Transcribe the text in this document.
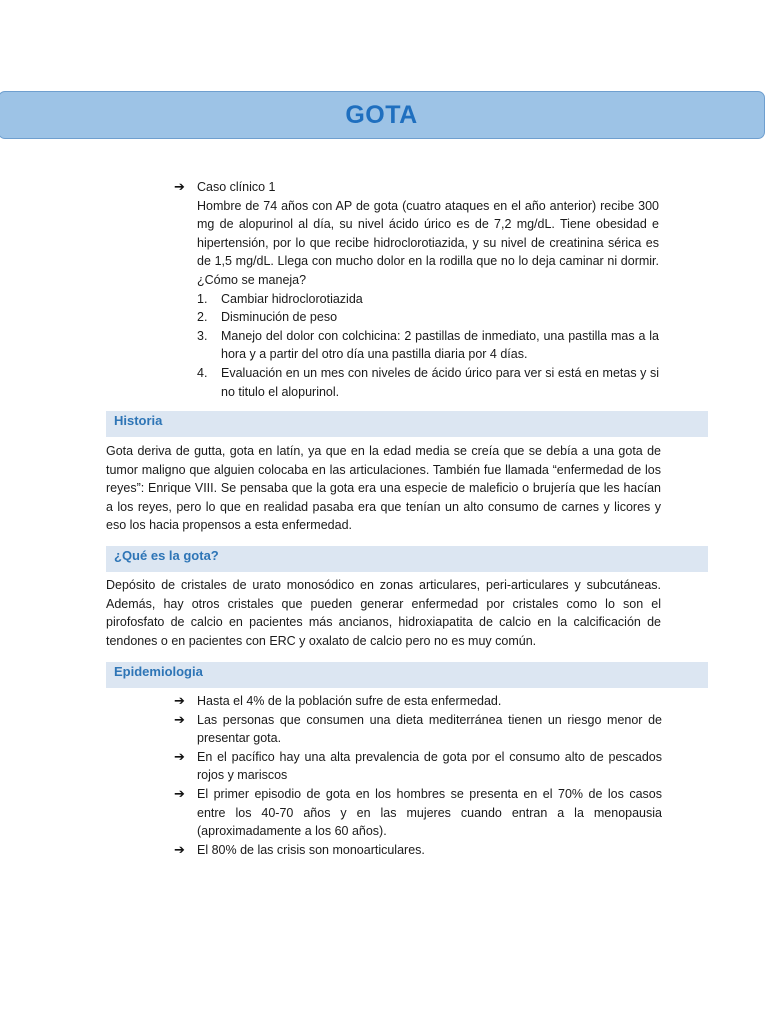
GOTA
➔ Caso clínico 1
Hombre de 74 años con AP de gota (cuatro ataques en el año anterior) recibe 300 mg de alopurinol al día, su nivel ácido úrico es de 7,2 mg/dL. Tiene obesidad e hipertensión, por lo que recibe hidroclorotiazida, y su nivel de creatinina sérica es de 1,5 mg/dL. Llega con mucho dolor en la rodilla que no lo deja caminar ni dormir. ¿Cómo se maneja?
1.	Cambiar hidroclorotiazida
2.	Disminución de peso
3.	Manejo del dolor con colchicina: 2 pastillas de inmediato, una pastilla mas a la hora y a partir del otro día una pastilla diaria por 4 días.
4.	Evaluación en un mes con niveles de ácido úrico para ver si está en metas y si no titulo el alopurinol.
Historia
Gota deriva de gutta, gota en latín, ya que en la edad media se creía que se debía a una gota de tumor maligno que alguien colocaba en las articulaciones. También fue llamada “enfermedad de los reyes”: Enrique VIII. Se pensaba que la gota era una especie de maleficio o brujería que les hacían a los reyes, pero lo que en realidad pasaba era que tenían un alto consumo de carnes y licores y eso los hacia propensos a esta enfermedad.
¿Qué es la gota?
Depósito de cristales de urato monosódico en zonas articulares, peri-articulares y subcutáneas. Además, hay otros cristales que pueden generar enfermedad por cristales como lo son el pirofosfato de calcio en pacientes más ancianos, hidroxiapatita de calcio en la calcificación de tendones o en pacientes con ERC y oxalato de calcio pero no es muy común.
Epidemiologia
➔ Hasta el 4% de la población sufre de esta enfermedad.
➔ Las personas que consumen una dieta mediterránea tienen un riesgo menor de presentar gota.
➔ En el pacífico hay una alta prevalencia de gota por el consumo alto de pescados rojos y mariscos
➔ El primer episodio de gota en los hombres se presenta en el 70% de los casos entre los 40-70 años y en las mujeres cuando entran a la menopausia (aproximadamente a los 60 años).
➔ El 80% de las crisis son monoarticulares.
